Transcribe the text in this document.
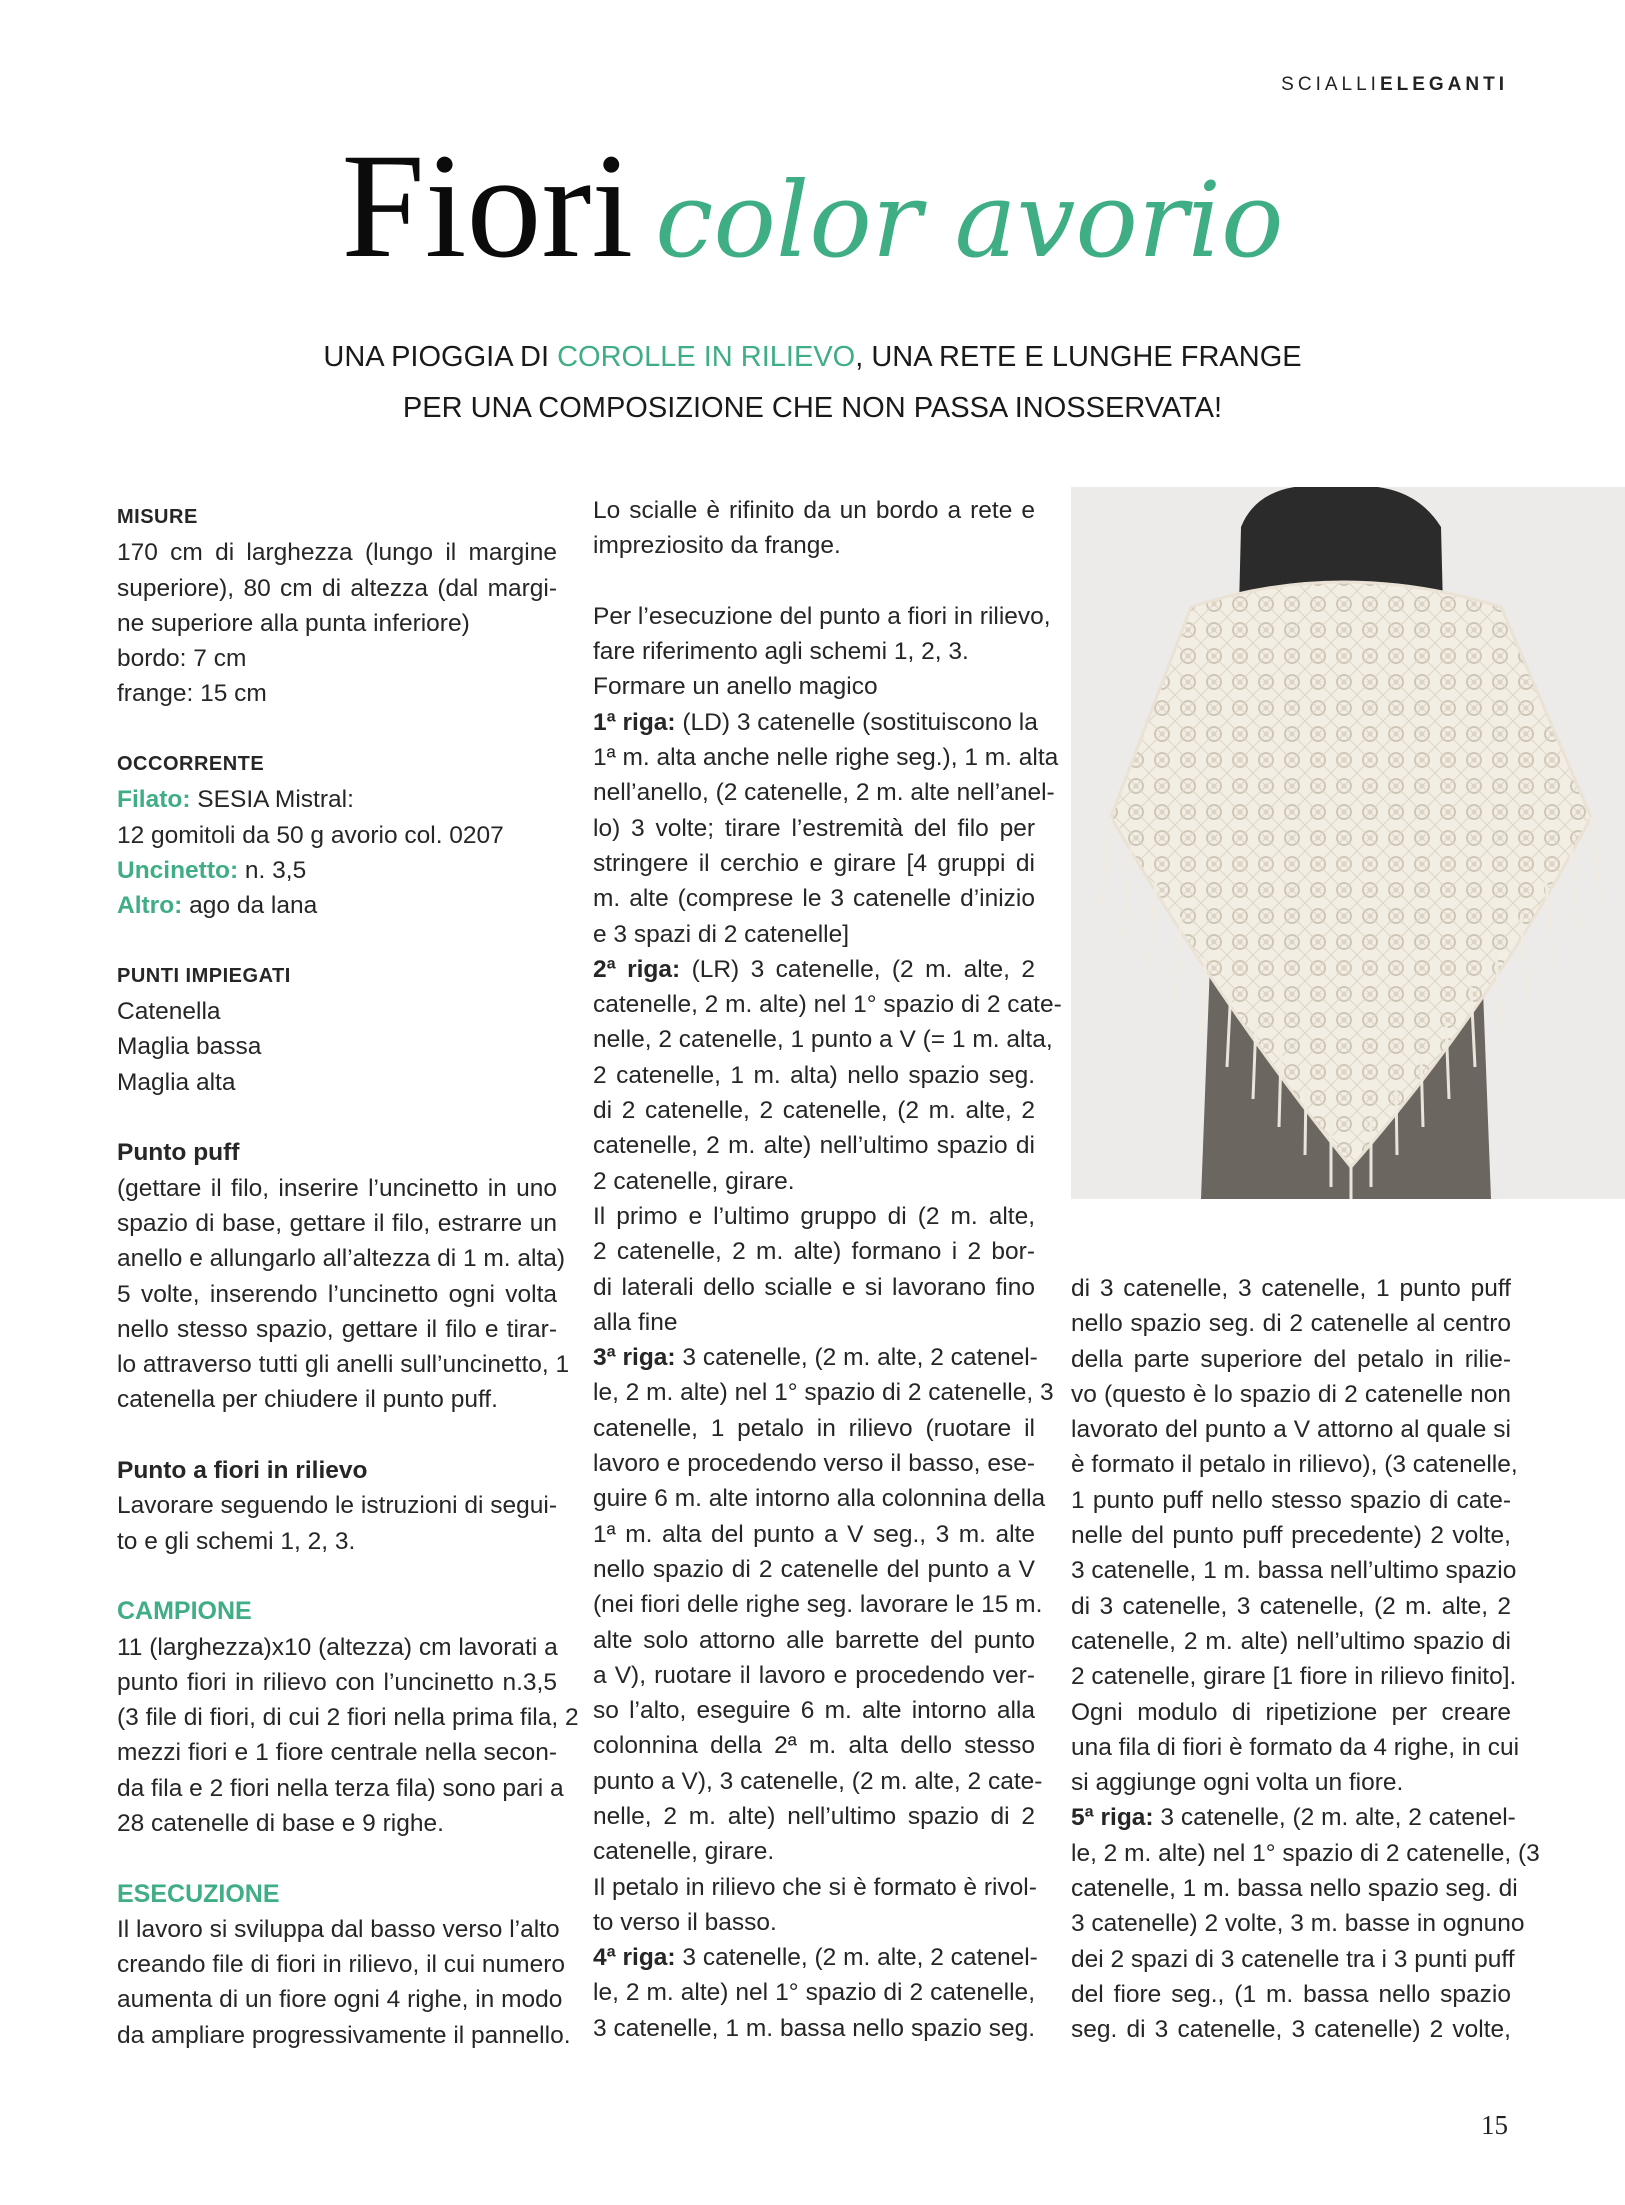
SCIALLIELEGANTI
Fiori color avorio
UNA PIOGGIA DI COROLLE IN RILIEVO, UNA RETE E LUNGHE FRANGE
PER UNA COMPOSIZIONE CHE NON PASSA INOSSERVATA!
MISURE
170 cm di larghezza (lungo il margine
superiore), 80 cm di altezza (dal margi-
ne superiore alla punta inferiore)
bordo: 7 cm
frange: 15 cm
OCCORRENTE
Filato: SESIA Mistral:
12 gomitoli da 50 g avorio col. 0207
Uncinetto: n. 3,5
Altro: ago da lana
PUNTI IMPIEGATI
Catenella
Maglia bassa
Maglia alta
Punto puff
(gettare il filo, inserire l’uncinetto in uno
spazio di base, gettare il filo, estrarre un
anello e allungarlo all’altezza di 1 m. alta)
5 volte, inserendo l’uncinetto ogni volta
nello stesso spazio, gettare il filo e tirar-
lo attraverso tutti gli anelli sull’uncinetto, 1
catenella per chiudere il punto puff.
Punto a fiori in rilievo
Lavorare seguendo le istruzioni di segui-
to e gli schemi 1, 2, 3.
CAMPIONE
11 (larghezza)x10 (altezza) cm lavorati a
punto fiori in rilievo con l’uncinetto n.3,5
(3 file di fiori, di cui 2 fiori nella prima fila, 2
mezzi fiori e 1 fiore centrale nella secon-
da fila e 2 fiori nella terza fila) sono pari a
28 catenelle di base e 9 righe.
ESECUZIONE
Il lavoro si sviluppa dal basso verso l’alto
creando file di fiori in rilievo, il cui numero
aumenta di un fiore ogni 4 righe, in modo
da ampliare progressivamente il pannello.
Lo scialle è rifinito da un bordo a rete e
impreziosito da frange.
Per l’esecuzione del punto a fiori in rilievo,
fare riferimento agli schemi 1, 2, 3.
Formare un anello magico
1ª riga: (LD) 3 catenelle (sostituiscono la
1ª m. alta anche nelle righe seg.), 1 m. alta
nell’anello, (2 catenelle, 2 m. alte nell’anel-
lo) 3 volte; tirare l’estremità del filo per
stringere il cerchio e girare [4 gruppi di
m. alte (comprese le 3 catenelle d’inizio
e 3 spazi di 2 catenelle]
2ª riga: (LR) 3 catenelle, (2 m. alte, 2
catenelle, 2 m. alte) nel 1° spazio di 2 cate-
nelle, 2 catenelle, 1 punto a V (= 1 m. alta,
2 catenelle, 1 m. alta) nello spazio seg.
di 2 catenelle, 2 catenelle, (2 m. alte, 2
catenelle, 2 m. alte) nell’ultimo spazio di
2 catenelle, girare.
Il primo e l’ultimo gruppo di (2 m. alte,
2 catenelle, 2 m. alte) formano i 2 bor-
di laterali dello scialle e si lavorano fino
alla fine
3ª riga: 3 catenelle, (2 m. alte, 2 catenel-
le, 2 m. alte) nel 1° spazio di 2 catenelle, 3
catenelle, 1 petalo in rilievo (ruotare il
lavoro e procedendo verso il basso, ese-
guire 6 m. alte intorno alla colonnina della
1ª m. alta del punto a V seg., 3 m. alte
nello spazio di 2 catenelle del punto a V
(nei fiori delle righe seg. lavorare le 15 m.
alte solo attorno alle barrette del punto
a V), ruotare il lavoro e procedendo ver-
so l’alto, eseguire 6 m. alte intorno alla
colonnina della 2ª m. alta dello stesso
punto a V), 3 catenelle, (2 m. alte, 2 cate-
nelle, 2 m. alte) nell’ultimo spazio di 2
catenelle, girare.
Il petalo in rilievo che si è formato è rivol-
to verso il basso.
4ª riga: 3 catenelle, (2 m. alte, 2 catenel-
le, 2 m. alte) nel 1° spazio di 2 catenelle,
3 catenelle, 1 m. bassa nello spazio seg.
di 3 catenelle, 3 catenelle, 1 punto puff
nello spazio seg. di 2 catenelle al centro
della parte superiore del petalo in rilie-
vo (questo è lo spazio di 2 catenelle non
lavorato del punto a V attorno al quale si
è formato il petalo in rilievo), (3 catenelle,
1 punto puff nello stesso spazio di cate-
nelle del punto puff precedente) 2 volte,
3 catenelle, 1 m. bassa nell’ultimo spazio
di 3 catenelle, 3 catenelle, (2 m. alte, 2
catenelle, 2 m. alte) nell’ultimo spazio di
2 catenelle, girare [1 fiore in rilievo finito].
Ogni modulo di ripetizione per creare
una fila di fiori è formato da 4 righe, in cui
si aggiunge ogni volta un fiore.
5ª riga: 3 catenelle, (2 m. alte, 2 catenel-
le, 2 m. alte) nel 1° spazio di 2 catenelle, (3
catenelle, 1 m. bassa nello spazio seg. di
3 catenelle) 2 volte, 3 m. basse in ognuno
dei 2 spazi di 3 catenelle tra i 3 punti puff
del fiore seg., (1 m. bassa nello spazio
seg. di 3 catenelle, 3 catenelle) 2 volte,
15
